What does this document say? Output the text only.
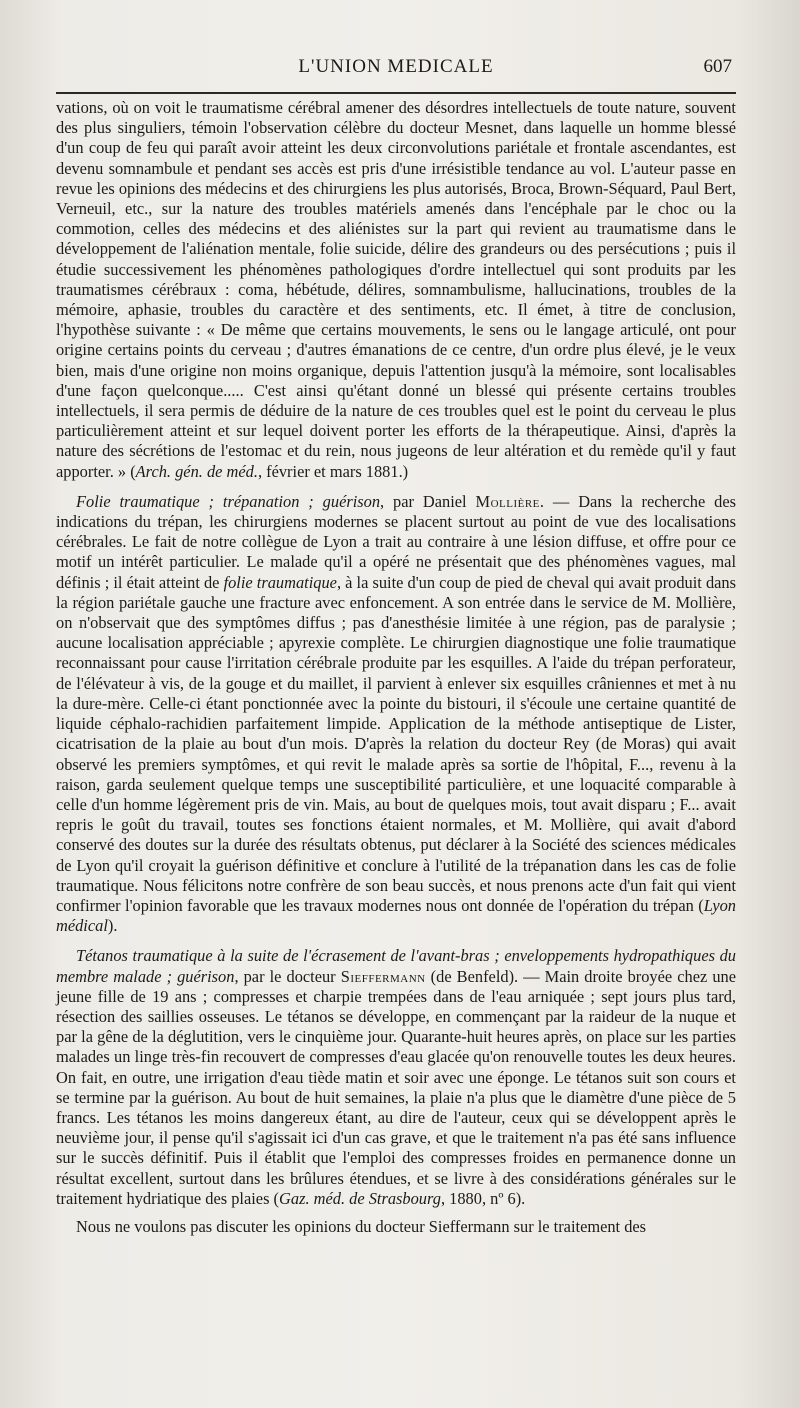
L'UNION MEDICALE	607

vations, où on voit le traumatisme cérébral amener des désordres intellectuels de toute nature, souvent des plus singuliers, témoin l'observation célèbre du docteur Mesnet, dans laquelle un homme blessé d'un coup de feu qui paraît avoir atteint les deux circonvolutions pariétale et frontale ascendantes, est devenu somnambule et pendant ses accès est pris d'une irrésistible tendance au vol. L'auteur passe en revue les opinions des médecins et des chirurgiens les plus autorisés, Broca, Brown-Séquard, Paul Bert, Verneuil, etc., sur la nature des troubles matériels amenés dans l'encéphale par le choc ou la commotion, celles des médecins et des aliénistes sur la part qui revient au traumatisme dans le développement de l'aliénation mentale, folie suicide, délire des grandeurs ou des persécutions ; puis il étudie successivement les phénomènes pathologiques d'ordre intellectuel qui sont produits par les traumatismes cérébraux : coma, hébétude, délires, somnambulisme, hallucinations, troubles de la mémoire, aphasie, troubles du caractère et des sentiments, etc. Il émet, à titre de conclusion, l'hypothèse suivante : « De même que certains mouvements, le sens ou le langage articulé, ont pour origine certains points du cerveau ; d'autres émanations de ce centre, d'un ordre plus élevé, je le veux bien, mais d'une origine non moins organique, depuis l'attention jusqu'à la mémoire, sont localisables d'une façon quelconque..... C'est ainsi qu'étant donné un blessé qui présente certains troubles intellectuels, il sera permis de déduire de la nature de ces troubles quel est le point du cerveau le plus particulièrement atteint et sur lequel doivent porter les efforts de la thérapeutique. Ainsi, d'après la nature des sécrétions de l'estomac et du rein, nous jugeons de leur altération et du remède qu'il y faut apporter. » (Arch. gén. de méd., février et mars 1881.)

Folie traumatique ; trépanation ; guérison, par Daniel Mollière. — Dans la recherche des indications du trépan, les chirurgiens modernes se placent surtout au point de vue des localisations cérébrales. Le fait de notre collègue de Lyon a trait au contraire à une lésion diffuse, et offre pour ce motif un intérêt particulier. Le malade qu'il a opéré ne présentait que des phénomènes vagues, mal définis ; il était atteint de folie traumatique, à la suite d'un coup de pied de cheval qui avait produit dans la région pariétale gauche une fracture avec enfoncement. A son entrée dans le service de M. Mollière, on n'observait que des symptômes diffus ; pas d'anesthésie limitée à une région, pas de paralysie ; aucune localisation appréciable ; apyrexie complète. Le chirurgien diagnostique une folie traumatique reconnaissant pour cause l'irritation cérébrale produite par les esquilles. A l'aide du trépan perforateur, de l'élévateur à vis, de la gouge et du maillet, il parvient à enlever six esquilles crâniennes et met à nu la dure-mère. Celle-ci étant ponctionnée avec la pointe du bistouri, il s'écoule une certaine quantité de liquide céphalo-rachidien parfaitement limpide. Application de la méthode antiseptique de Lister, cicatrisation de la plaie au bout d'un mois. D'après la relation du docteur Rey (de Moras) qui avait observé les premiers symptômes, et qui revit le malade après sa sortie de l'hôpital, F..., revenu à la raison, garda seulement quelque temps une susceptibilité particulière, et une loquacité comparable à celle d'un homme légèrement pris de vin. Mais, au bout de quelques mois, tout avait disparu ; F... avait repris le goût du travail, toutes ses fonctions étaient normales, et M. Mollière, qui avait d'abord conservé des doutes sur la durée des résultats obtenus, put déclarer à la Société des sciences médicales de Lyon qu'il croyait la guérison définitive et conclure à l'utilité de la trépanation dans les cas de folie traumatique. Nous félicitons notre confrère de son beau succès, et nous prenons acte d'un fait qui vient confirmer l'opinion favorable que les travaux modernes nous ont donnée de l'opération du trépan (Lyon médical).

Tétanos traumatique à la suite de l'écrasement de l'avant-bras ; enveloppements hydropathiques du membre malade ; guérison, par le docteur Sieffermann (de Benfeld). — Main droite broyée chez une jeune fille de 19 ans ; compresses et charpie trempées dans de l'eau arniquée ; sept jours plus tard, résection des saillies osseuses. Le tétanos se développe, en commençant par la raideur de la nuque et par la gêne de la déglutition, vers le cinquième jour. Quarante-huit heures après, on place sur les parties malades un linge très-fin recouvert de compresses d'eau glacée qu'on renouvelle toutes les deux heures. On fait, en outre, une irrigation d'eau tiède matin et soir avec une éponge. Le tétanos suit son cours et se termine par la guérison. Au bout de huit semaines, la plaie n'a plus que le diamètre d'une pièce de 5 francs. Les tétanos les moins dangereux étant, au dire de l'auteur, ceux qui se développent après le neuvième jour, il pense qu'il s'agissait ici d'un cas grave, et que le traitement n'a pas été sans influence sur le succès définitif. Puis il établit que l'emploi des compresses froides en permanence donne un résultat excellent, surtout dans les brûlures étendues, et se livre à des considérations générales sur le traitement hydriatique des plaies (Gaz. méd. de Strasbourg, 1880, nº 6).

Nous ne voulons pas discuter les opinions du docteur Sieffermann sur le traitement des
